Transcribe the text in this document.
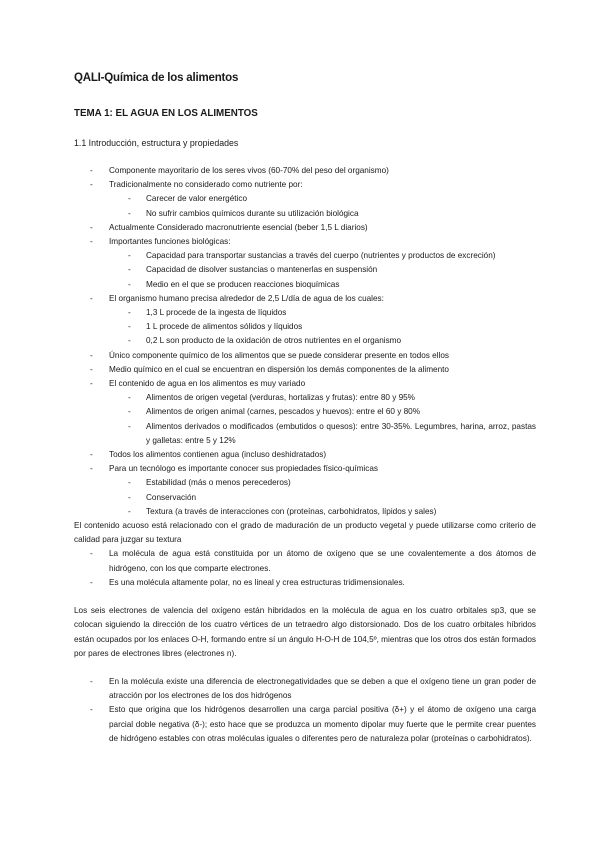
QALI-Química de los alimentos
TEMA 1: EL AGUA EN LOS ALIMENTOS
1.1 Introducción, estructura y propiedades
- Componente mayoritario de los seres vivos (60-70% del peso del organismo)
- Tradicionalmente no considerado como nutriente por:
- Carecer de valor energético
- No sufrir cambios químicos durante su utilización biológica
- Actualmente Considerado macronutriente esencial (beber 1,5 L diarios)
- Importantes funciones biológicas:
- Capacidad para transportar sustancias a través del cuerpo (nutrientes y productos de excreción)
- Capacidad de disolver sustancias o mantenerlas en suspensión
- Medio en el que se producen reacciones bioquímicas
- El organismo humano precisa alrededor de 2,5 L/día de agua de los cuales:
- 1,3 L procede de la ingesta de líquidos
- 1 L procede de alimentos sólidos y líquidos
- 0,2 L son producto de la oxidación de otros nutrientes en el organismo
- Único componente químico de los alimentos que se puede considerar presente en todos ellos
- Medio químico en el cual se encuentran en dispersión los demás componentes de la alimento
- El contenido de agua en los alimentos es muy variado
- Alimentos de origen vegetal (verduras, hortalizas y frutas): entre 80 y 95%
- Alimentos de origen animal (carnes, pescados y huevos): entre el 60 y 80%
- Alimentos derivados o modificados (embutidos o quesos): entre 30-35%. Legumbres, harina, arroz, pastas y galletas: entre 5 y 12%
- Todos los alimentos contienen agua (incluso deshidratados)
- Para un tecnólogo es importante conocer sus propiedades físico-químicas
- Estabilidad (más o menos perecederos)
- Conservación
- Textura (a través de interacciones con (proteínas, carbohidratos, lípidos y sales)
El contenido acuoso está relacionado con el grado de maduración de un producto vegetal y puede utilizarse como criterio de calidad para juzgar su textura
- La molécula de agua está constituida por un átomo de oxígeno que se une covalentemente a dos átomos de hidrógeno, con los que comparte electrones.
- Es una molécula altamente polar, no es lineal y crea estructuras tridimensionales.
Los seis electrones de valencia del oxígeno están hibridados en la molécula de agua en los cuatro orbitales sp3, que se colocan siguiendo la dirección de los cuatro vértices de un tetraedro algo distorsionado. Dos de los cuatro orbitales híbridos están ocupados por los enlaces O-H, formando entre sí un ángulo H-O-H de 104,5º, mientras que los otros dos están formados por pares de electrones libres (electrones n).
- En la molécula existe una diferencia de electronegatividades que se deben a que el oxígeno tiene un gran poder de atracción por los electrones de los dos hidrógenos
- Esto que origina que los hidrógenos desarrollen una carga parcial positiva (δ+) y el átomo de oxígeno una carga parcial doble negativa (δ-); esto hace que se produzca un momento dipolar muy fuerte que le permite crear puentes de hidrógeno estables con otras moléculas iguales o diferentes pero de naturaleza polar (proteínas o carbohidratos).
